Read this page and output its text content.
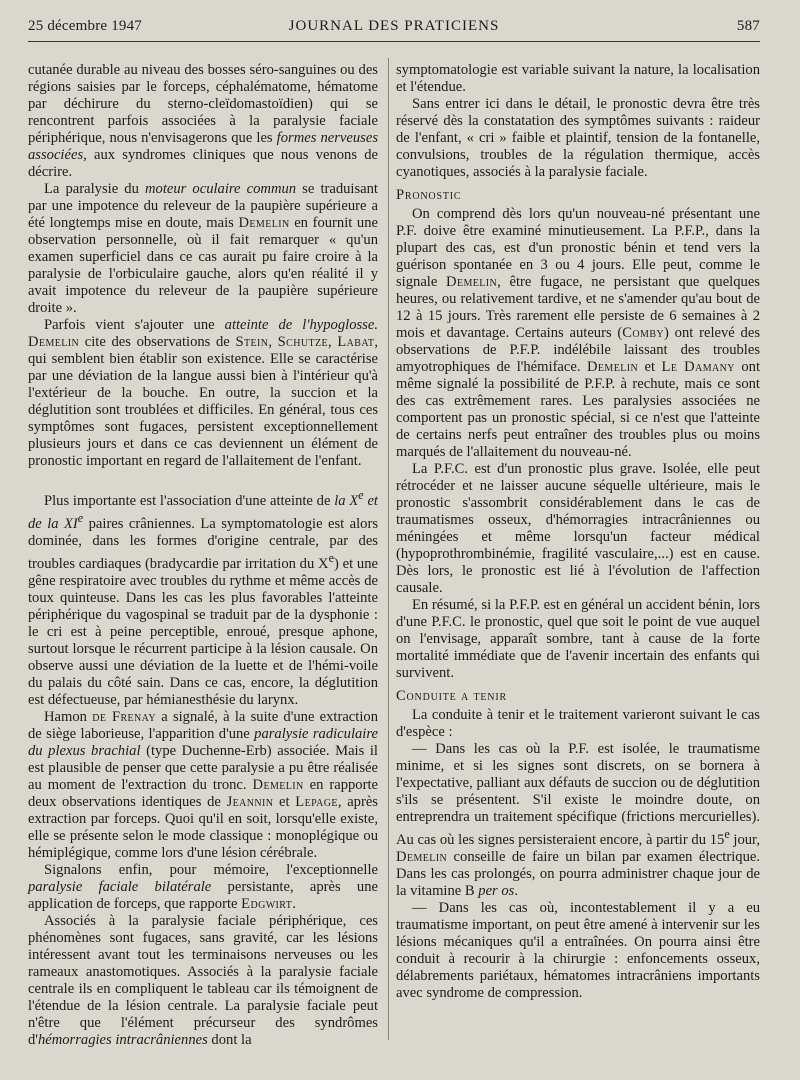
25 décembre 1947	JOURNAL DES PRATICIENS	587

cutanée durable au niveau des bosses séro-sanguines ou des régions saisies par le forceps, céphalématome, hématome par déchirure du sterno-cleïdomastoïdien) qui se rencontrent parfois associées à la paralysie faciale périphérique, nous n'envisagerons que les formes nerveuses associées, aux syndromes cliniques que nous venons de décrire.

La paralysie du moteur oculaire commun se traduisant par une impotence du releveur de la paupière supérieure a été longtemps mise en doute, mais Demelin en fournit une observation personnelle, où il fait remarquer « qu'un examen superficiel dans ce cas aurait pu faire croire à la paralysie de l'orbiculaire gauche, alors qu'en réalité il y avait impotence du releveur de la paupière supérieure droite ».

Parfois vient s'ajouter une atteinte de l'hypoglosse. Demelin cite des observations de Stein, Schutze, Labat, qui semblent bien établir son existence. Elle se caractérise par une déviation de la langue aussi bien à l'intérieur qu'à l'extérieur de la bouche. En outre, la succion et la déglutition sont troublées et difficiles. En général, tous ces symptômes sont fugaces, persistent exceptionnellement plusieurs jours et dans ce cas deviennent un élément de pronostic important en regard de l'allaitement de l'enfant.

Plus importante est l'association d'une atteinte de la Xe et de la XIe paires crâniennes. La symptomatologie est alors dominée, dans les formes d'origine centrale, par des troubles cardiaques (bradycardie par irritation du Xe) et une gêne respiratoire avec troubles du rythme et même accès de toux quinteuse. Dans les cas les plus favorables l'atteinte périphérique du vagospinal se traduit par de la dysphonie : le cri est à peine perceptible, enroué, presque aphone, surtout lorsque le récurrent participe à la lésion causale. On observe aussi une déviation de la luette et de l'hémi-voile du palais du côté sain. Dans ce cas, encore, la déglutition est défectueuse, par hémianesthésie du larynx.

Hamon de Frenay a signalé, à la suite d'une extraction de siège laborieuse, l'apparition d'une paralysie radiculaire du plexus brachial (type Duchenne-Erb) associée. Mais il est plausible de penser que cette paralysie a pu être réalisée au moment de l'extraction du tronc. Demelin en rapporte deux observations identiques de Jeannin et Lepage, après extraction par forceps. Quoi qu'il en soit, lorsqu'elle existe, elle se présente selon le mode classique : monoplégique ou hémiplégique, comme lors d'une lésion cérébrale.

Signalons enfin, pour mémoire, l'exceptionnelle paralysie faciale bilatérale persistante, après une application de forceps, que rapporte Edgwirt.

Associés à la paralysie faciale périphérique, ces phénomènes sont fugaces, sans gravité, car les lésions intéressent avant tout les terminaisons nerveuses ou les rameaux anastomotiques. Associés à la paralysie faciale centrale ils en compliquent le tableau car ils témoignent de l'étendue de la lésion centrale. La paralysie faciale peut n'être que l'élément précurseur des syndrômes d'hémorragies intracrâniennes dont la

symptomatologie est variable suivant la nature, la localisation et l'étendue.

Sans entrer ici dans le détail, le pronostic devra être très réservé dès la constatation des symptômes suivants : raideur de l'enfant, « cri » faible et plaintif, tension de la fontanelle, convulsions, troubles de la régulation thermique, accès cyanotiques, associés à la paralysie faciale.

Pronostic

On comprend dès lors qu'un nouveau-né présentant une P.F. doive être examiné minutieusement. La P.F.P., dans la plupart des cas, est d'un pronostic bénin et tend vers la guérison spontanée en 3 ou 4 jours. Elle peut, comme le signale Demelin, être fugace, ne persistant que quelques heures, ou relativement tardive, et ne s'amender qu'au bout de 12 à 15 jours. Très rarement elle persiste de 6 semaines à 2 mois et davantage. Certains auteurs (Comby) ont relevé des observations de P.F.P. indélébile laissant des troubles amyotrophiques de l'hémiface. Demelin et Le Damany ont même signalé la possibilité de P.F.P. à rechute, mais ce sont des cas extrêmement rares. Les paralysies associées ne comportent pas un pronostic spécial, si ce n'est que l'atteinte de certains nerfs peut entraîner des troubles plus ou moins marqués de l'allaitement du nouveau-né.

La P.F.C. est d'un pronostic plus grave. Isolée, elle peut rétrocéder et ne laisser aucune séquelle ultérieure, mais le pronostic s'assombrit considérablement dans le cas de traumatismes osseux, d'hémorragies intracrâniennes ou méningées et même lorsqu'un facteur médical (hypoprothrombinémie, fragilité vasculaire,...) est en cause. Dès lors, le pronostic est lié à l'évolution de l'affection causale.

En résumé, si la P.F.P. est en général un accident bénin, lors d'une P.F.C. le pronostic, quel que soit le point de vue auquel on l'envisage, apparaît sombre, tant à cause de la forte mortalité immédiate que de l'avenir incertain des enfants qui survivent.

Conduite a tenir

La conduite à tenir et le traitement varieront suivant le cas d'espèce :

— Dans les cas où la P.F. est isolée, le traumatisme minime, et si les signes sont discrets, on se bornera à l'expectative, palliant aux défauts de succion ou de déglutition s'ils se présentent. S'il existe le moindre doute, on entreprendra un traitement spécifique (frictions mercurielles). Au cas où les signes persisteraient encore, à partir du 15e jour, Demelin conseille de faire un bilan par examen électrique. Dans les cas prolongés, on pourra administrer chaque jour de la vitamine B per os.

— Dans les cas où, incontestablement il y a eu traumatisme important, on peut être amené à intervenir sur les lésions mécaniques qu'il a entraînées. On pourra ainsi être conduit à recourir à la chirurgie : enfoncements osseux, délabrements pariétaux, hématomes intracrâniens importants avec syndrome de compression.
